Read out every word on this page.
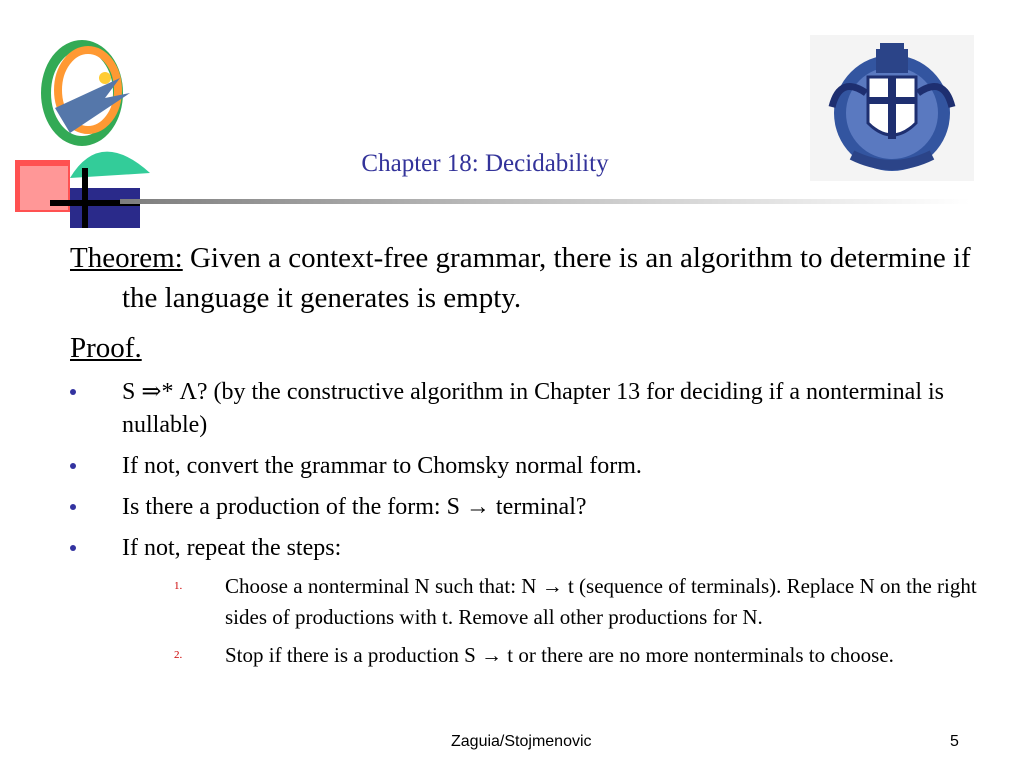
Chapter 18: Decidability

Theorem: Given a context-free grammar, there is an algorithm to determine if the language it generates is empty.

Proof.

S ⇒* Λ? (by the constructive algorithm in Chapter 13 for deciding if a nonterminal is nullable)
If not, convert the grammar to Chomsky normal form.
Is there a production of the form: S → terminal?
If not, repeat the steps:
1. Choose a nonterminal N such that: N → t (sequence of terminals). Replace N on the right sides of productions with t. Remove all other productions for N.
2. Stop if there is a production S → t or there are no more nonterminals to choose.
Zaguia/Stojmenovic	5
